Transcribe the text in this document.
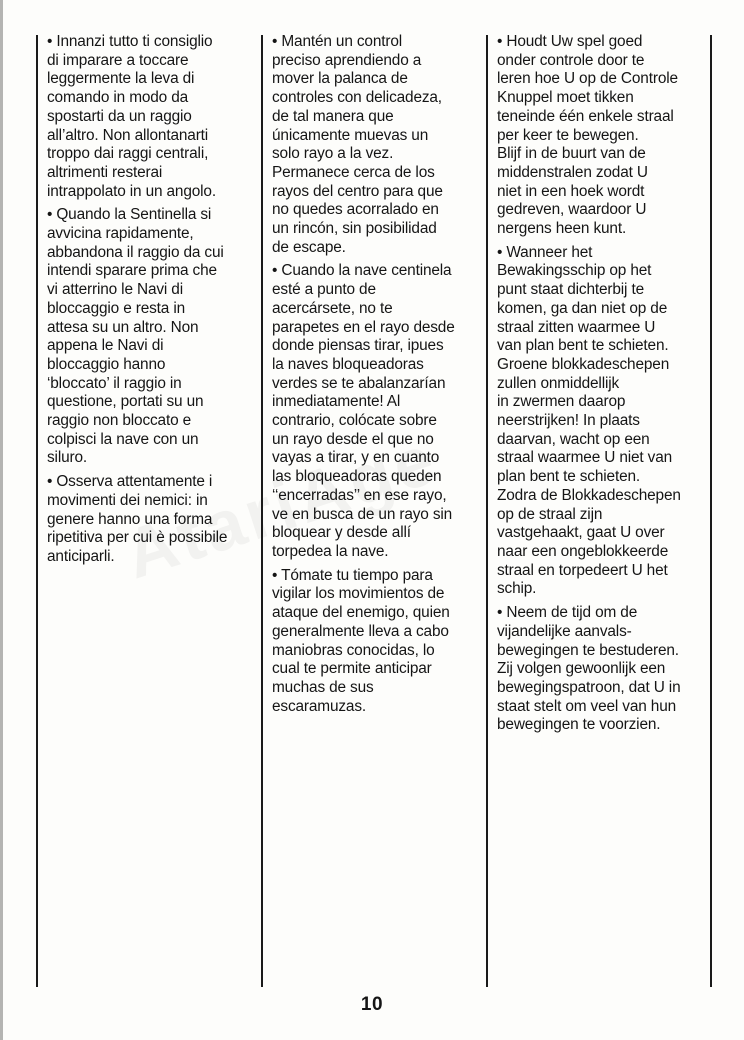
• Innanzi tutto ti consiglio
di imparare a toccare
leggermente la leva di
comando in modo da
spostarti da un raggio
all’altro. Non allontanarti
troppo dai raggi centrali,
altrimenti resterai
intrappolato in un angolo.

• Quando la Sentinella si
avvicina rapidamente,
abbandona il raggio da cui
intendi sparare prima che
vi atterrino le Navi di
bloccaggio e resta in
attesa su un altro. Non
appena le Navi di
bloccaggio hanno
‘bloccato’ il raggio in
questione, portati su un
raggio non bloccato e
colpisci la nave con un
siluro.

• Osserva attentamente i
movimenti dei nemici: in
genere hanno una forma
ripetitiva per cui è possibile
anticiparli.

• Mantén un control
preciso aprendiendo a
mover la palanca de
controles con delicadeza,
de tal manera que
únicamente muevas un
solo rayo a la vez.
Permanece cerca de los
rayos del centro para que
no quedes acorralado en
un rincón, sin posibilidad
de escape.

• Cuando la nave centinela
esté a punto de
acercársete, no te
parapetes en el rayo desde
donde piensas tirar, ipues
la naves bloqueadoras
verdes se te abalanzarían
inmediatamente! Al
contrario, colócate sobre
un rayo desde el que no
vayas a tirar, y en cuanto
las bloqueadoras queden
‘‘encerradas’’ en ese rayo,
ve en busca de un rayo sin
bloquear y desde allí
torpedea la nave.

• Tómate tu tiempo para
vigilar los movimientos de
ataque del enemigo, quien
generalmente lleva a cabo
maniobras conocidas, lo
cual te permite anticipar
muchas de sus
escaramuzas.

• Houdt Uw spel goed
onder controle door te
leren hoe U op de Controle
Knuppel moet tikken
teneinde één enkele straal
per keer te bewegen.
Blijf in de buurt van de
middenstralen zodat U
niet in een hoek wordt
gedreven, waardoor U
nergens heen kunt.

• Wanneer het
Bewakingsschip op het
punt staat dichterbij te
komen, ga dan niet op de
straal zitten waarmee U
van plan bent te schieten.
Groene blokkadeschepen
zullen onmiddellijk
in zwermen daarop
neerstrijken! In plaats
daarvan, wacht op een
straal waarmee U niet van
plan bent te schieten.
Zodra de Blokkadeschepen
op de straal zijn
vastgehaakt, gaat U over
naar een ongeblokkeerde
straal en torpedeert U het
schip.

• Neem de tijd om de
vijandelijke aanvals-
bewegingen te bestuderen.
Zij volgen gewoonlijk een
bewegingspatroon, dat U in
staat stelt om veel van hun
bewegingen te voorzien.

10
